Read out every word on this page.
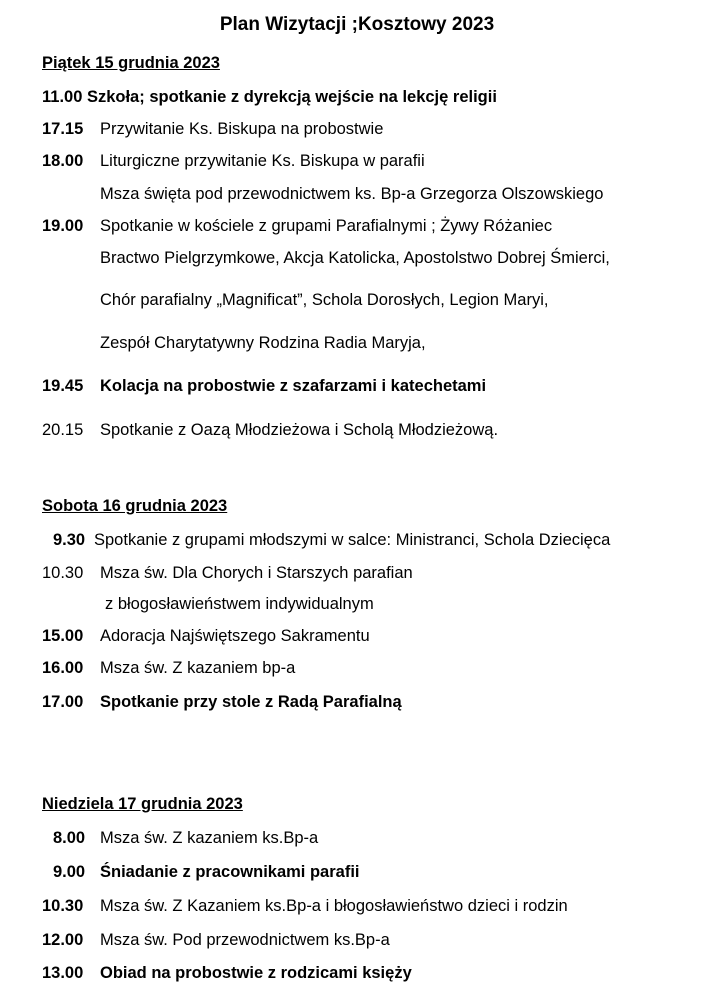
Plan Wizytacji ;Kosztowy 2023
Piątek 15 grudnia 2023
11.00 Szkoła; spotkanie z dyrekcją wejście na lekcję religii
17.15 Przywitanie Ks. Biskupa na probostwie
18.00 Liturgiczne przywitanie Ks. Biskupa w parafii
Msza święta pod przewodnictwem ks. Bp-a Grzegorza Olszowskiego
19.00 Spotkanie w kościele z grupami Parafialnymi ; Żywy Różaniec
Bractwo Pielgrzymkowe, Akcja Katolicka, Apostolstwo Dobrej Śmierci,
Chór parafialny „Magnificat”, Schola Dorosłych, Legion Maryi,
Zespół Charytatywny Rodzina Radia Maryja,
19.45 Kolacja na probostwie z szafarzami i katechetami
20.15 Spotkanie z Oazą Młodzieżowa i Scholą Młodzieżową.
Sobota 16 grudnia 2023
9.30 Spotkanie z grupami młodszymi w salce: Ministranci, Schola Dziecięca
10.30 Msza św. Dla Chorych i Starszych parafian
z błogosławieństwem indywidualnym
15.00 Adoracja Najświętszego Sakramentu
16.00 Msza św. Z kazaniem bp-a
17.00 Spotkanie przy stole z Radą Parafialną
Niedziela 17 grudnia 2023
8.00 Msza św. Z kazaniem ks.Bp-a
9.00 Śniadanie z pracownikami parafii
10.30 Msza św. Z Kazaniem ks.Bp-a i błogosławieństwo dzieci i rodzin
12.00 Msza św. Pod przewodnictwem ks.Bp-a
13.00 Obiad na probostwie z rodzicami księży
